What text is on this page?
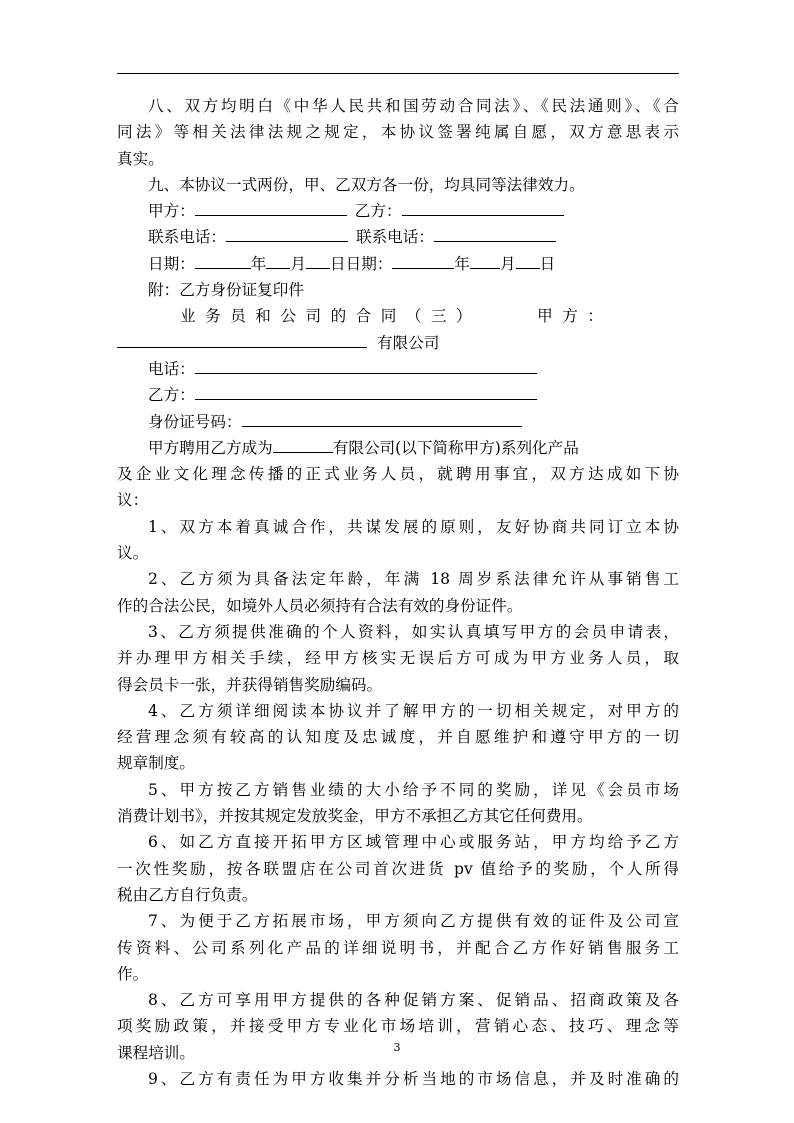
八、双方均明白《中华人民共和国劳动合同法》、《民法通则》、《合
同法》等相关法律法规之规定，本协议签署纯属自愿，双方意思表示
真实。
九、本协议一式两份，甲、乙双方各一份，均具同等法律效力。
甲方：	乙方：
联系电话：	联系电话：
日期：	年 月 日日期：	年 月 日
附：乙方身份证复印件
业务员和公司的合同（三）	甲方：
有限公司
电话：
乙方：
身份证号码：
甲方聘用乙方成为	有限公司(以下简称甲方)系列化产品
及企业文化理念传播的正式业务人员，就聘用事宜，双方达成如下协
议：
1、双方本着真诚合作，共谋发展的原则，友好协商共同订立本协
议。
2、乙方须为具备法定年龄，年满 18 周岁系法律允许从事销售工
作的合法公民，如境外人员必须持有合法有效的身份证件。
3、乙方须提供准确的个人资料，如实认真填写甲方的会员申请表，
并办理甲方相关手续，经甲方核实无误后方可成为甲方业务人员，取
得会员卡一张，并获得销售奖励编码。
4、乙方须详细阅读本协议并了解甲方的一切相关规定，对甲方的
经营理念须有较高的认知度及忠诚度，并自愿维护和遵守甲方的一切
规章制度。
5、甲方按乙方销售业绩的大小给予不同的奖励，详见《会员市场
消费计划书》，并按其规定发放奖金，甲方不承担乙方其它任何费用。
6、如乙方直接开拓甲方区域管理中心或服务站，甲方均给予乙方
一次性奖励，按各联盟店在公司首次进货 pv 值给予的奖励，个人所得
税由乙方自行负责。
7、为便于乙方拓展市场，甲方须向乙方提供有效的证件及公司宣
传资料、公司系列化产品的详细说明书，并配合乙方作好销售服务工
作。
8、乙方可享用甲方提供的各种促销方案、促销品、招商政策及各
项奖励政策，并接受甲方专业化市场培训，营销心态、技巧、理念等
课程培训。
9、乙方有责任为甲方收集并分析当地的市场信息，并及时准确的
3
